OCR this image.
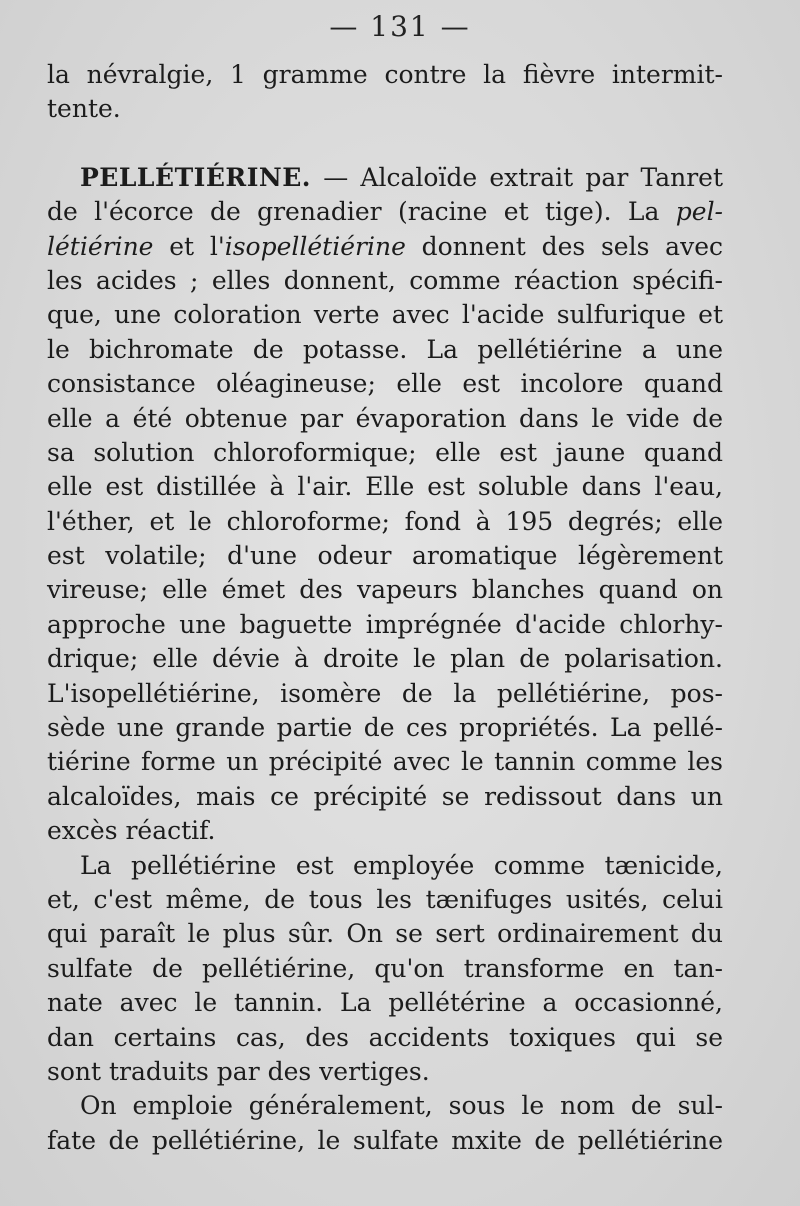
— 131 —
la névralgie, 1 gramme contre la fièvre intermit-
tente.
PELLÉTIÉRINE. — Alcaloïde extrait par Tanret
de l'écorce de grenadier (racine et tige). La pel-
létiérine et l'isopellétiérine donnent des sels avec
les acides ; elles donnent, comme réaction spécifi-
que, une coloration verte avec l'acide sulfurique et
le bichromate de potasse. La pellétiérine a une
consistance oléagineuse; elle est incolore quand
elle a été obtenue par évaporation dans le vide de
sa solution chloroformique; elle est jaune quand
elle est distillée à l'air. Elle est soluble dans l'eau,
l'éther, et le chloroforme; fond à 195 degrés; elle
est volatile; d'une odeur aromatique légèrement
vireuse; elle émet des vapeurs blanches quand on
approche une baguette imprégnée d'acide chlorhy-
drique; elle dévie à droite le plan de polarisation.
L'isopellétiérine, isomère de la pellétiérine, pos-
sède une grande partie de ces propriétés. La pellé-
tiérine forme un précipité avec le tannin comme les
alcaloïdes, mais ce précipité se redissout dans un
excès réactif.
La pellétiérine est employée comme tænicide,
et, c'est même, de tous les tænifuges usités, celui
qui paraît le plus sûr. On se sert ordinairement du
sulfate de pellétiérine, qu'on transforme en tan-
nate avec le tannin. La pellétérine a occasionné,
dan certains cas, des accidents toxiques qui se
sont traduits par des vertiges.
On emploie généralement, sous le nom de sul-
fate de pellétiérine, le sulfate mxite de pellétiérine
